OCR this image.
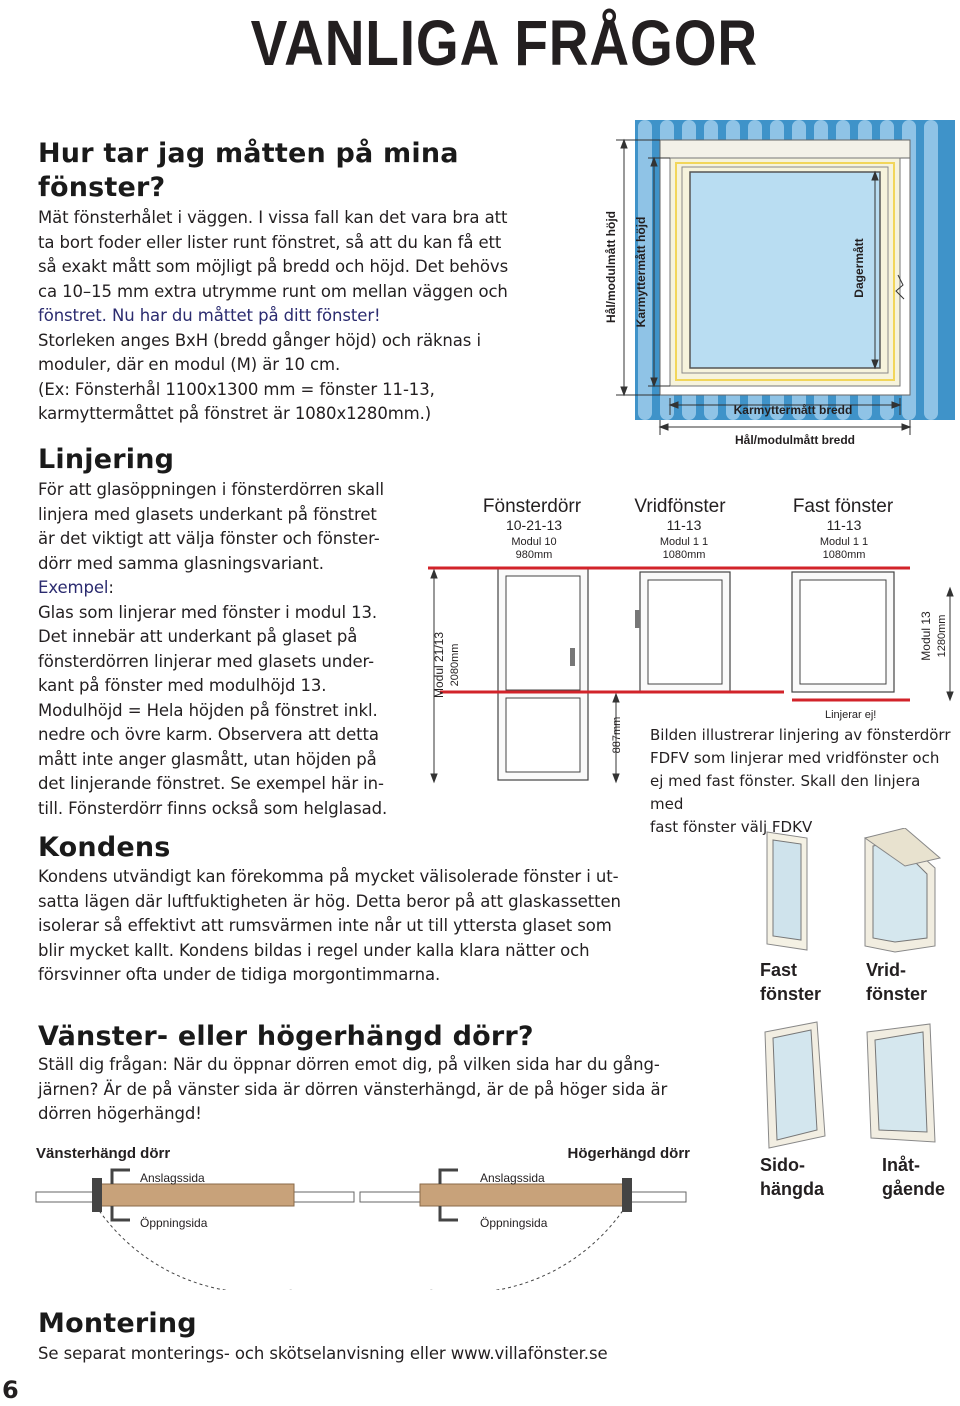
VANLIGA FRÅGOR
Hur tar jag måtten på mina
fönster?

Mät fönsterhålet i väggen. I vissa fall kan det vara bra att

ta bort foder eller lister runt fönstret, så att du kan få ett

så exakt mått som möjligt på bredd och höjd. Det behövs

ca 10–15 mm extra utrymme runt om mellan väggen och

fönstret. Nu har du måttet på ditt fönster!

Storleken anges BxH (bredd gånger höjd) och räknas i

moduler, där en modul (M) är 10 cm.

(Ex: Fönsterhål 1100x1300 mm = fönster 11-13,

karmyttermåttet på fönstret är 1080x1280mm.)

Hål/modulmått höjd Karmyttermått höjd	Dagermått
Karmyttermått bredd
Hål/modulmått bredd
Linjering

För att glasöppningen i fönsterdörren skall

linjera med glasets underkant på fönstret

är det viktigt att välja fönster och fönster-

dörr med samma glasningsvariant.

Exempel:

Glas som linjerar med fönster i modul 13.

Det innebär att underkant på glaset på

fönsterdörren linjerar med glasets under-

kant på fönster med modulhöjd 13.

Modulhöjd = Hela höjden på fönstret inkl.

nedre och övre karm. Observera att detta

mått inte anger glasmått, utan höjden på

det linjerande fönstret. Se exempel här in-

till. Fönsterdörr finns också som helglasad.

Fönsterdörr
10-21-13
Modul 10
980mm
Vridfönster
11-13
Modul 1 1
1080mm
Fast fönster
11-13
Modul 1 1
1080mm
Modul 21/13 2080mm
887mm
Modul 13 1280mm
Linjerar ej!
Bilden illustrerar linjering av fönsterdörr
FDFV som linjerar med vridfönster och
ej med fast fönster. Skall den linjera med
fast fönster välj FDKV
Kondens

Kondens utvändigt kan förekomma på mycket välisolerade fönster i ut-

satta lägen där luftfuktigheten är hög. Detta beror på att glaskassetten

isolerar så effektivt att rumsvärmen inte når ut till yttersta glaset som

blir mycket kallt. Kondens bildas i regel under kalla klara nätter och

försvinner ofta under de tidiga morgontimmarna.	Fast
fönster
Vrid-
fönster
Sido-
hängda
Inåt-
gående
Vänster- eller högerhängd dörr?

Ställ dig frågan: När du öppnar dörren emot dig, på vilken sida har du gång-

järnen? Är de på vänster sida är dörren vänsterhängd, är de på höger sida är

dörren högerhängd!

Vänsterhängd dörr	Högerhängd dörr
Anslagssida
Öppningsida
Anslagssida
Öppningsida
Montering
Se separat monterings- och skötselanvisning eller www.villafönster.se
6
